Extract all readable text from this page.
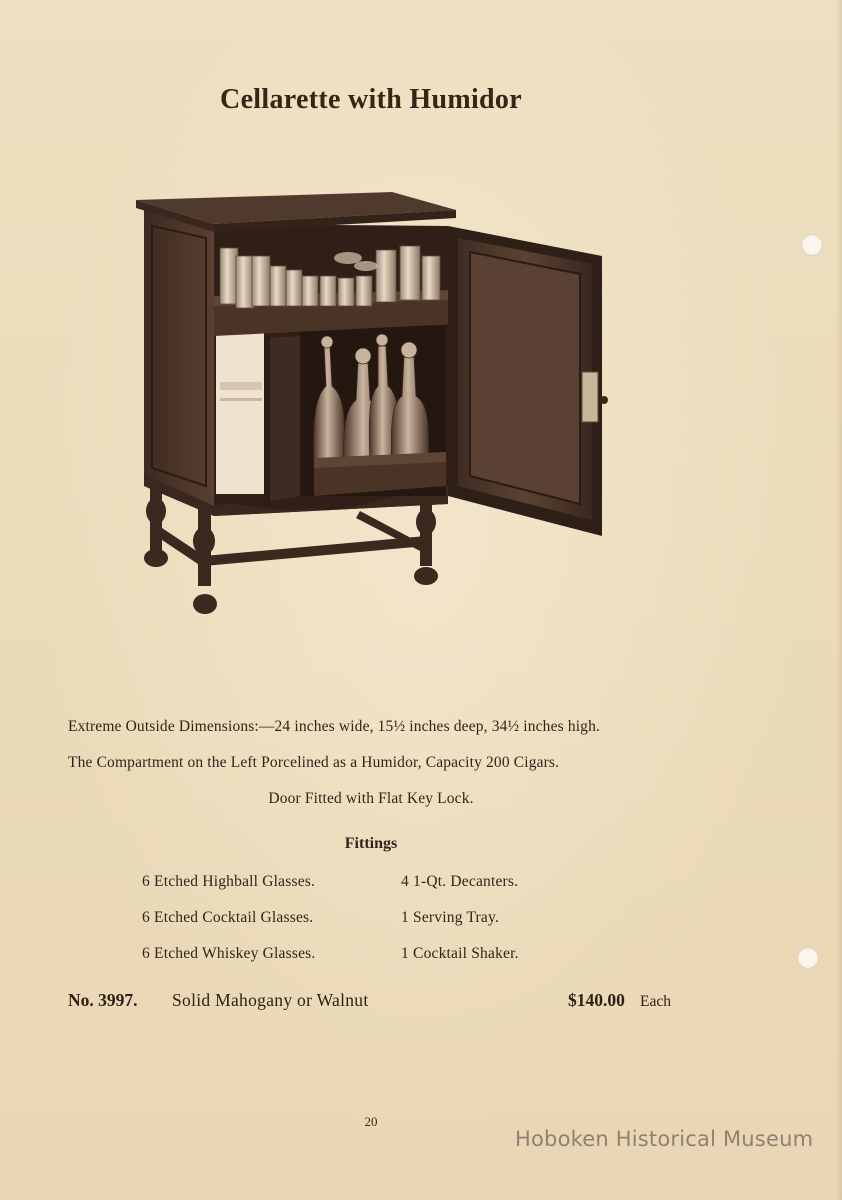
Cellarette with Humidor
Extreme Outside Dimensions:—24 inches wide, 15½ inches deep, 34½ inches high.
The Compartment on the Left Porcelined as a Humidor, Capacity 200 Cigars.
Door Fitted with Flat Key Lock.
Fittings
6 Etched Highball Glasses.
6 Etched Cocktail Glasses.
6 Etched Whiskey Glasses.
4 1-Qt. Decanters.
1 Serving Tray.
1 Cocktail Shaker.
No. 3997. Solid Mahogany or Walnut	$140.00 Each
20
Hoboken Historical Museum
